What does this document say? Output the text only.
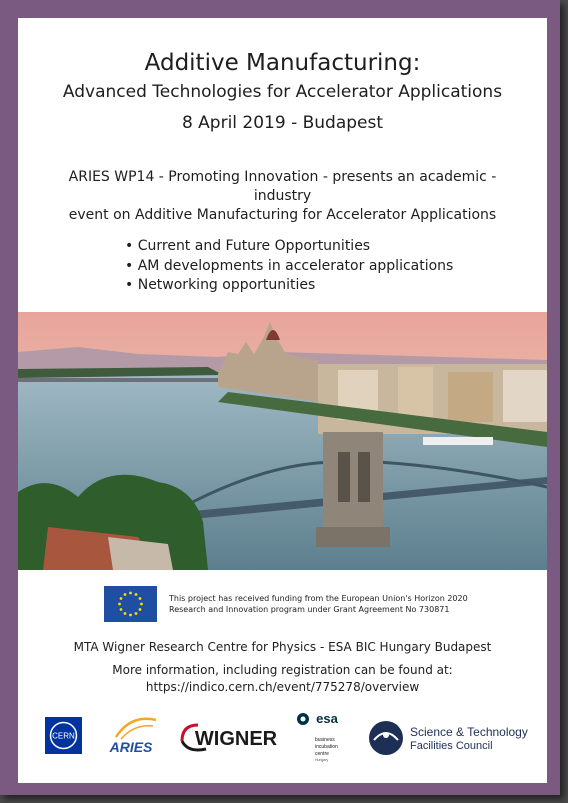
Additive Manufacturing:
Advanced Technologies for Accelerator Applications
8 April 2019 - Budapest
ARIES WP14 - Promoting Innovation - presents an academic - industry
event on Additive Manufacturing for Accelerator Applications
• Current and Future Opportunities
• AM developments in accelerator applications
• Networking opportunities
This project has received funding from the European Union's Horizon 2020
Research and Innovation program under Grant Agreement No 730871
MTA Wigner Research Centre for Physics - ESA BIC Hungary Budapest
More information, including registration can be found at:
https://indico.cern.ch/event/775278/overview
CERN
ARIES WIGNER
esa
business
incubation
centre
Hungary
Science & Technology
Facilities Council
